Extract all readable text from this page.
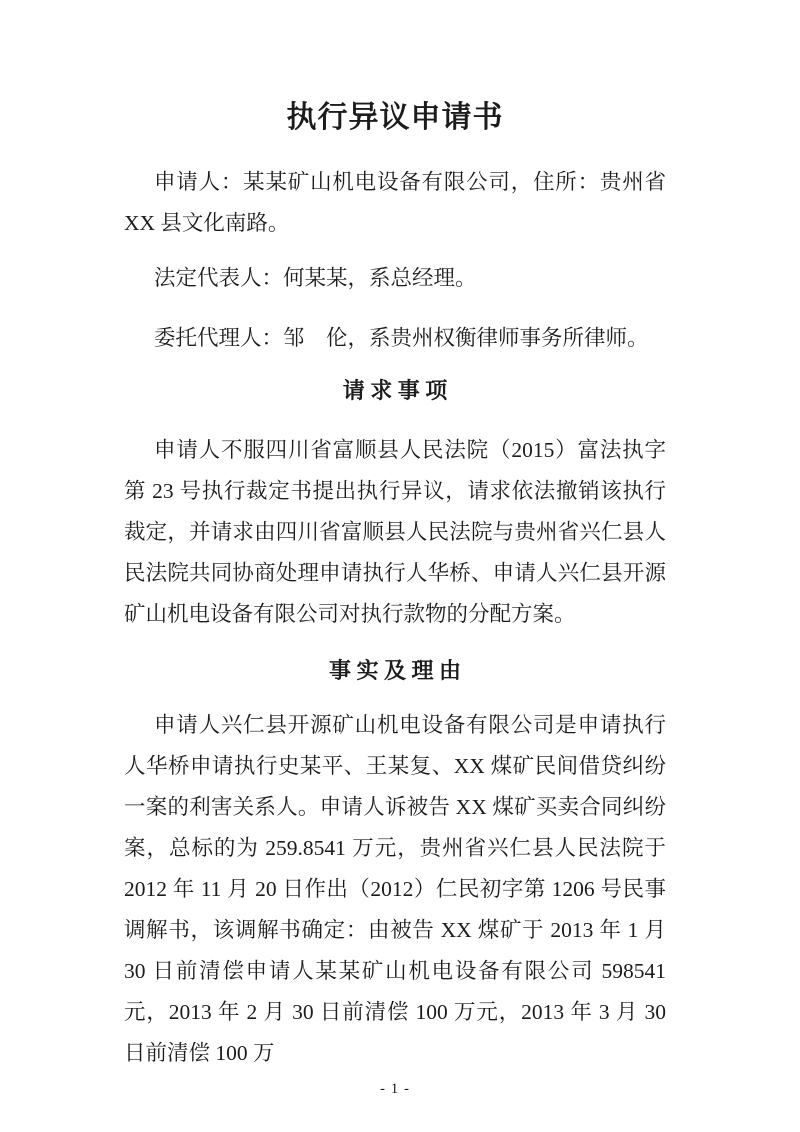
执行异议申请书

申请人：某某矿山机电设备有限公司，住所：贵州省 XX 县文化南路。

法定代表人：何某某，系总经理。

委托代理人：邹　伦，系贵州权衡律师事务所律师。

请 求 事 项

申请人不服四川省富顺县人民法院（2015）富法执字第 23 号执行裁定书提出执行异议，请求依法撤销该执行裁定，并请求由四川省富顺县人民法院与贵州省兴仁县人民法院共同协商处理申请执行人华桥、申请人兴仁县开源矿山机电设备有限公司对执行款物的分配方案。

事 实 及 理 由

申请人兴仁县开源矿山机电设备有限公司是申请执行人华桥申请执行史某平、王某复、XX 煤矿民间借贷纠纷一案的利害关系人。申请人诉被告 XX 煤矿买卖合同纠纷案，总标的为 259.8541 万元，贵州省兴仁县人民法院于 2012 年 11 月 20 日作出（2012）仁民初字第 1206 号民事调解书，该调解书确定：由被告 XX 煤矿于 2013 年 1 月 30 日前清偿申请人某某矿山机电设备有限公司 598541 元，2013 年 2 月 30 日前清偿 100 万元，2013 年 3 月 30 日前清偿 100 万

- 1 -
